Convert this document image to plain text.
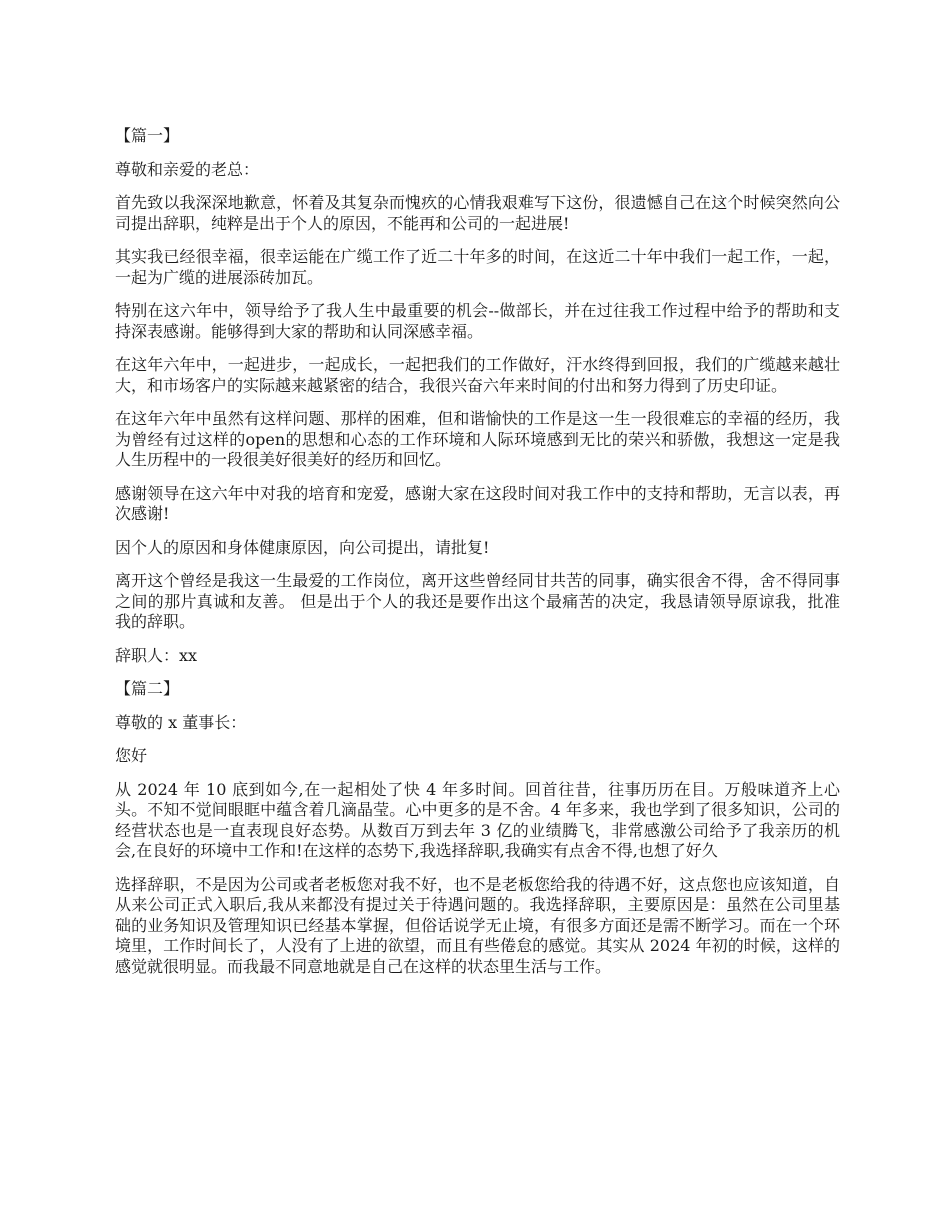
【篇一】

尊敬和亲爱的老总：

首先致以我深深地歉意，怀着及其复杂而愧疚的心情我艰难写下这份，很遗憾自己在这个时候突然向公司提出辞职，纯粹是出于个人的原因，不能再和公司的一起进展!

其实我已经很幸福，很幸运能在广缆工作了近二十年多的时间，在这近二十年中我们一起工作，一起，一起为广缆的进展添砖加瓦。

特别在这六年中，领导给予了我人生中最重要的机会--做部长，并在过往我工作过程中给予的帮助和支持深表感谢。能够得到大家的帮助和认同深感幸福。

在这年六年中，一起进步，一起成长，一起把我们的工作做好，汗水终得到回报，我们的广缆越来越壮大，和市场客户的实际越来越紧密的结合，我很兴奋六年来时间的付出和努力得到了历史印证。

在这年六年中虽然有这样问题、那样的困难，但和谐愉快的工作是这一生一段很难忘的幸福的经历，我为曾经有过这样的open的思想和心态的工作环境和人际环境感到无比的荣兴和骄傲，我想这一定是我人生历程中的一段很美好很美好的经历和回忆。

感谢领导在这六年中对我的培育和宠爱，感谢大家在这段时间对我工作中的支持和帮助，无言以表，再次感谢!

因个人的原因和身体健康原因，向公司提出，请批复!

离开这个曾经是我这一生最爱的工作岗位，离开这些曾经同甘共苦的同事，确实很舍不得，舍不得同事之间的那片真诚和友善。 但是出于个人的我还是要作出这个最痛苦的决定，我恳请领导原谅我，批准我的辞职。

辞职人：xx

【篇二】

尊敬的 x 董事长：

您好

从 2024 年 10 底到如今,在一起相处了快 4 年多时间。回首往昔，往事历历在目。万般味道齐上心头。不知不觉间眼眶中蕴含着几滴晶莹。心中更多的是不舍。4 年多来，我也学到了很多知识，公司的经营状态也是一直表现良好态势。从数百万到去年 3 亿的业绩腾飞，非常感激公司给予了我亲历的机会,在良好的环境中工作和!在这样的态势下,我选择辞职,我确实有点舍不得,也想了好久

选择辞职，不是因为公司或者老板您对我不好，也不是老板您给我的待遇不好，这点您也应该知道，自从来公司正式入职后,我从来都没有提过关于待遇问题的。我选择辞职，主要原因是：虽然在公司里基础的业务知识及管理知识已经基本掌握，但俗话说学无止境，有很多方面还是需不断学习。而在一个环境里，工作时间长了，人没有了上进的欲望，而且有些倦怠的感觉。其实从 2024 年初的时候，这样的感觉就很明显。而我最不同意地就是自己在这样的状态里生活与工作。
